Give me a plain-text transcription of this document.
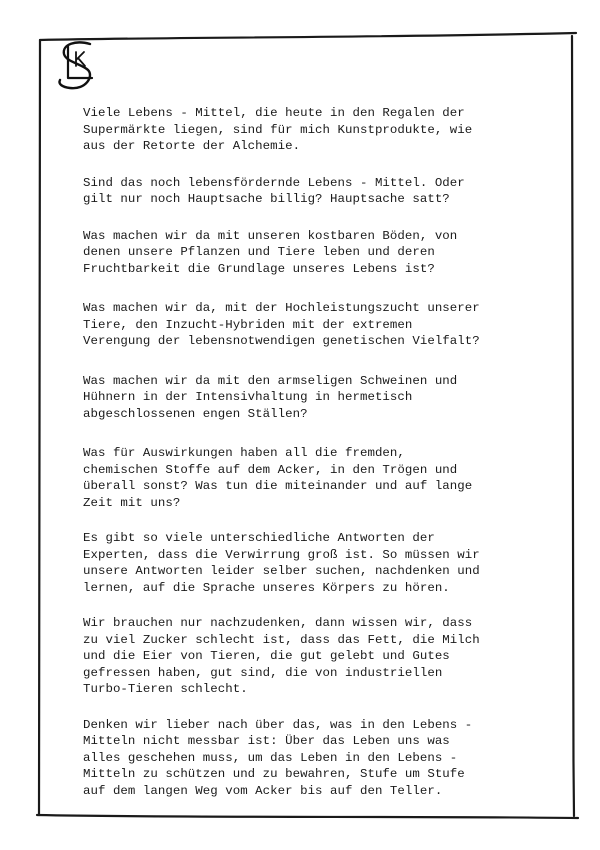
Viele Lebens - Mittel, die heute in den Regalen der
Supermärkte liegen, sind für mich Kunstprodukte, wie
aus der Retorte der Alchemie.

Sind das noch lebensfördernde Lebens - Mittel. Oder
gilt nur noch Hauptsache billig? Hauptsache satt?

Was machen wir da mit unseren kostbaren Böden, von
denen unsere Pflanzen und Tiere leben und deren
Fruchtbarkeit die Grundlage unseres Lebens ist?

Was machen wir da, mit der Hochleistungszucht unserer
Tiere, den Inzucht-Hybriden mit der extremen
Verengung der lebensnotwendigen genetischen Vielfalt?

Was machen wir da mit den armseligen Schweinen und
Hühnern in der Intensivhaltung in hermetisch
abgeschlossenen engen Ställen?

Was für Auswirkungen haben all die fremden,
chemischen Stoffe auf dem Acker, in den Trögen und
überall sonst? Was tun die miteinander und auf lange
Zeit mit uns?

Es gibt so viele unterschiedliche Antworten der
Experten, dass die Verwirrung groß ist. So müssen wir
unsere Antworten leider selber suchen, nachdenken und
lernen, auf die Sprache unseres Körpers zu hören.

Wir brauchen nur nachzudenken, dann wissen wir, dass
zu viel Zucker schlecht ist, dass das Fett, die Milch
und die Eier von Tieren, die gut gelebt und Gutes
gefressen haben, gut sind, die von industriellen
Turbo-Tieren schlecht.

Denken wir lieber nach über das, was in den Lebens -
Mitteln nicht messbar ist: Über das Leben uns was
alles geschehen muss, um das Leben in den Lebens -
Mitteln zu schützen und zu bewahren, Stufe um Stufe
auf dem langen Weg vom Acker bis auf den Teller.
